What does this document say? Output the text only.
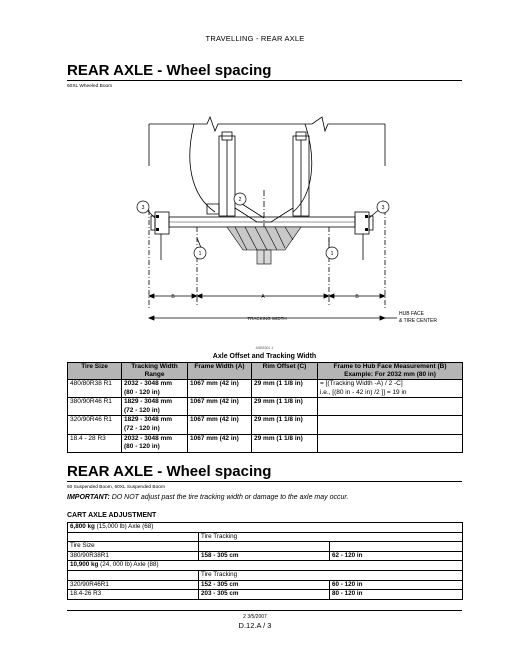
TRAVELLING - REAR AXLE
REAR AXLE - Wheel spacing
60XL Wheeled Boom
3
2
3
1	1
B	A	B
TRACKING WIDTH
HUB FACE
& TIRE CENTER
ASB5301 1
Axle Offset and Tracking Width
Tire Size	Tracking Width Range	Frame Width (A)	Rim Offset (C)	Frame to Hub Face Measurement (B) Example: For 2032 mm (80 in)
480/80R38 R1	2032 - 3048 mm
(80 - 120 in)	1067 mm (42 in)	29 mm (1 1/8 in)	= [(Tracking Width -A) / 2 -C]
i.e., [(80 in - 42 in) /2 ]] = 19 in
380/90R46 R1	1829 - 3048 mm
(72 - 120 in)	1067 mm (42 in)	29 mm (1 1/8 in)	
320/90R46 R1	1829 - 3048 mm
(72 - 120 in)	1067 mm (42 in)	29 mm (1 1/8 in)	
18.4 - 28 R3	2032 - 3048 mm
(80 - 120 in)	1067 mm (42 in)	29 mm (1 1/8 in)	
REAR AXLE - Wheel spacing
60 Suspended Boom, 60XL Suspended Boom
IMPORTANT: DO NOT adjust past the tire tracking width or damage to the axle may occur.
CART AXLE ADJUSTMENT
6,800 kg (15,000 lb) Axle (68)		
	Tire Tracking	
Tire Size		
380/90R38R1	158 - 305 cm	62 - 120 in
10,900 kg (24, 000 lb) Axle (88)		
	Tire Tracking	
320/90R46R1	152 - 305 cm	60 - 120 in
18.4-26 R3	203 - 305 cm	80 - 120 in
2 3/5/2007
D.12.A / 3
